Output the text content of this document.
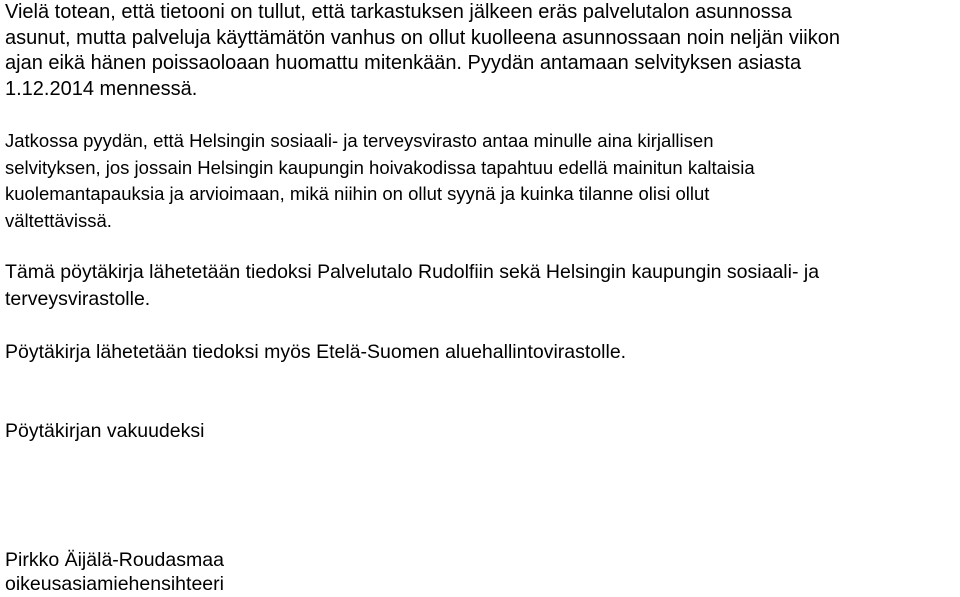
Vielä totean, että tietooni on tullut, että tarkastuksen jälkeen eräs palvelutalon asunnossa
asunut, mutta palveluja käyttämätön vanhus on ollut kuolleena asunnossaan noin neljän viikon
ajan eikä hänen poissaoloaan huomattu mitenkään. Pyydän antamaan selvityksen asiasta
1.12.2014 mennessä.
Jatkossa pyydän, että Helsingin sosiaali- ja terveysvirasto antaa minulle aina kirjallisen
selvityksen, jos jossain Helsingin kaupungin hoivakodissa tapahtuu edellä mainitun kaltaisia
kuolemantapauksia ja arvioimaan, mikä niihin on ollut syynä ja kuinka tilanne olisi ollut
vältettävissä.
Tämä pöytäkirja lähetetään tiedoksi Palvelutalo Rudolfiin sekä Helsingin kaupungin sosiaali- ja
terveysvirastolle.
Pöytäkirja lähetetään tiedoksi myös Etelä-Suomen aluehallintovirastolle.
Pöytäkirjan vakuudeksi
Pirkko Äijälä-Roudasmaa
oikeusasiamiehensihteeri
